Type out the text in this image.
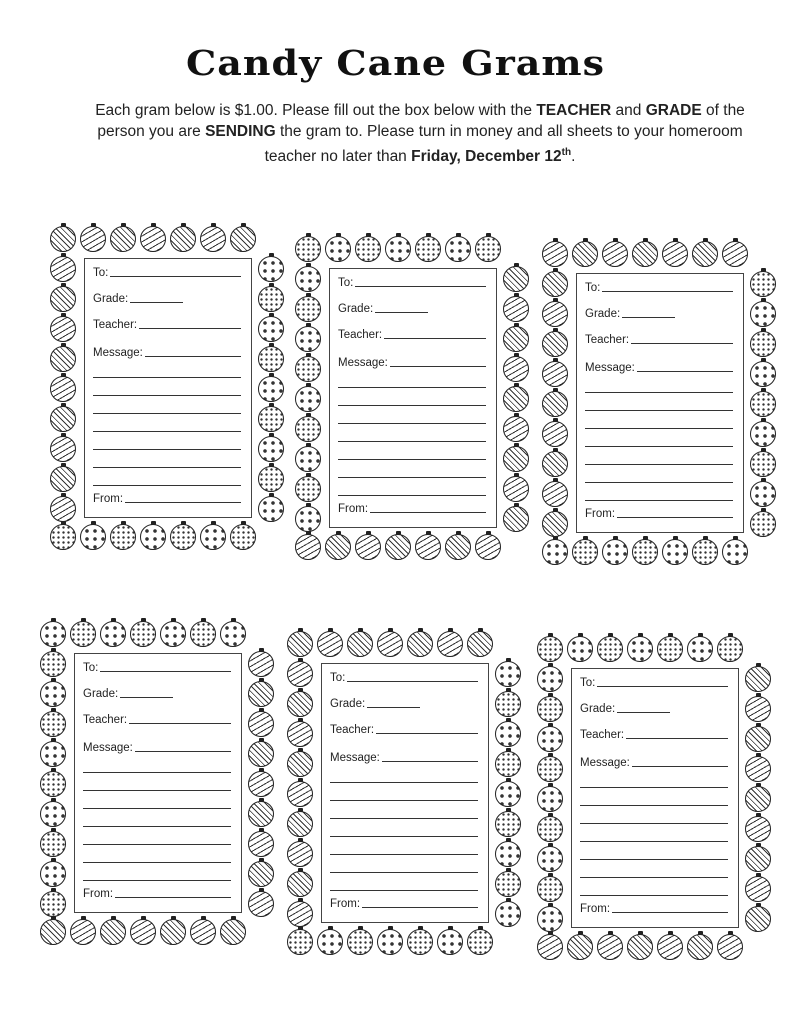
Candy Cane Grams
Each gram below is $1.00. Please fill out the box below with the TEACHER and GRADE of the person you are SENDING the gram to. Please turn in money and all sheets to your homeroom teacher no later than Friday, December 12th.
To:
Grade:
Teacher:
Message:
From:
To:
Grade:
Teacher:
Message:
From:
To:
Grade:
Teacher:
Message:
From:
To:
Grade:
Teacher:
Message:
From:
To:
Grade:
Teacher:
Message:
From:
To:
Grade:
Teacher:
Message:
From:
